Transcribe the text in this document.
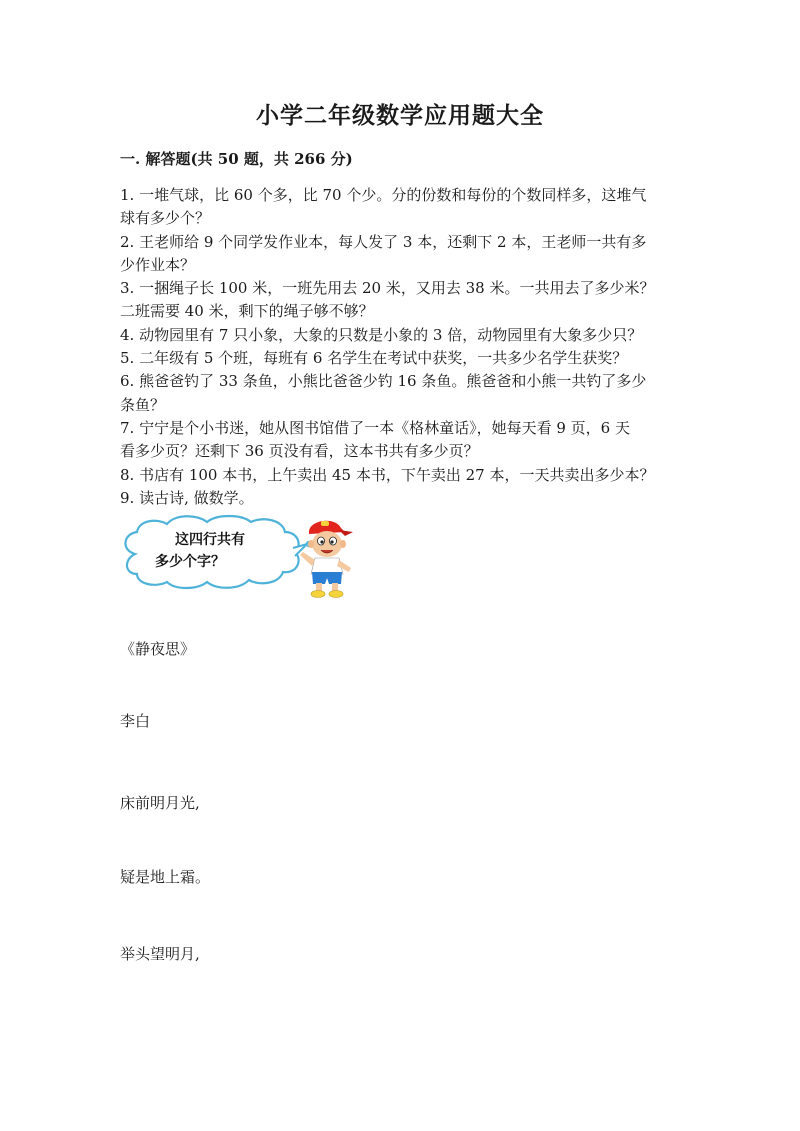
小学二年级数学应用题大全

一. 解答题(共 50 题，共 266 分)

1. 一堆气球，比 60 个多，比 70 个少。分的份数和每份的个数同样多，这堆气
球有多少个？
2. 王老师给 9 个同学发作业本，每人发了 3 本，还剩下 2 本，王老师一共有多
少作业本？
3. 一捆绳子长 100 米，一班先用去 20 米，又用去 38 米。一共用去了多少米？
二班需要 40 米，剩下的绳子够不够？
4. 动物园里有 7 只小象，大象的只数是小象的 3 倍，动物园里有大象多少只？
5. 二年级有 5 个班，每班有 6 名学生在考试中获奖，一共多少名学生获奖？
6. 熊爸爸钓了 33 条鱼，小熊比爸爸少钓 16 条鱼。熊爸爸和小熊一共钓了多少
条鱼？
7. 宁宁是个小书迷，她从图书馆借了一本《格林童话》，她每天看 9 页，6 天
看多少页？还剩下 36 页没有看，这本书共有多少页？
8. 书店有 100 本书，上午卖出 45 本书，下午卖出 27 本，一天共卖出多少本？
9. 读古诗, 做数学。
这四行共有
多少个字？

《静夜思》

李白

床前明月光,

疑是地上霜。

举头望明月,
